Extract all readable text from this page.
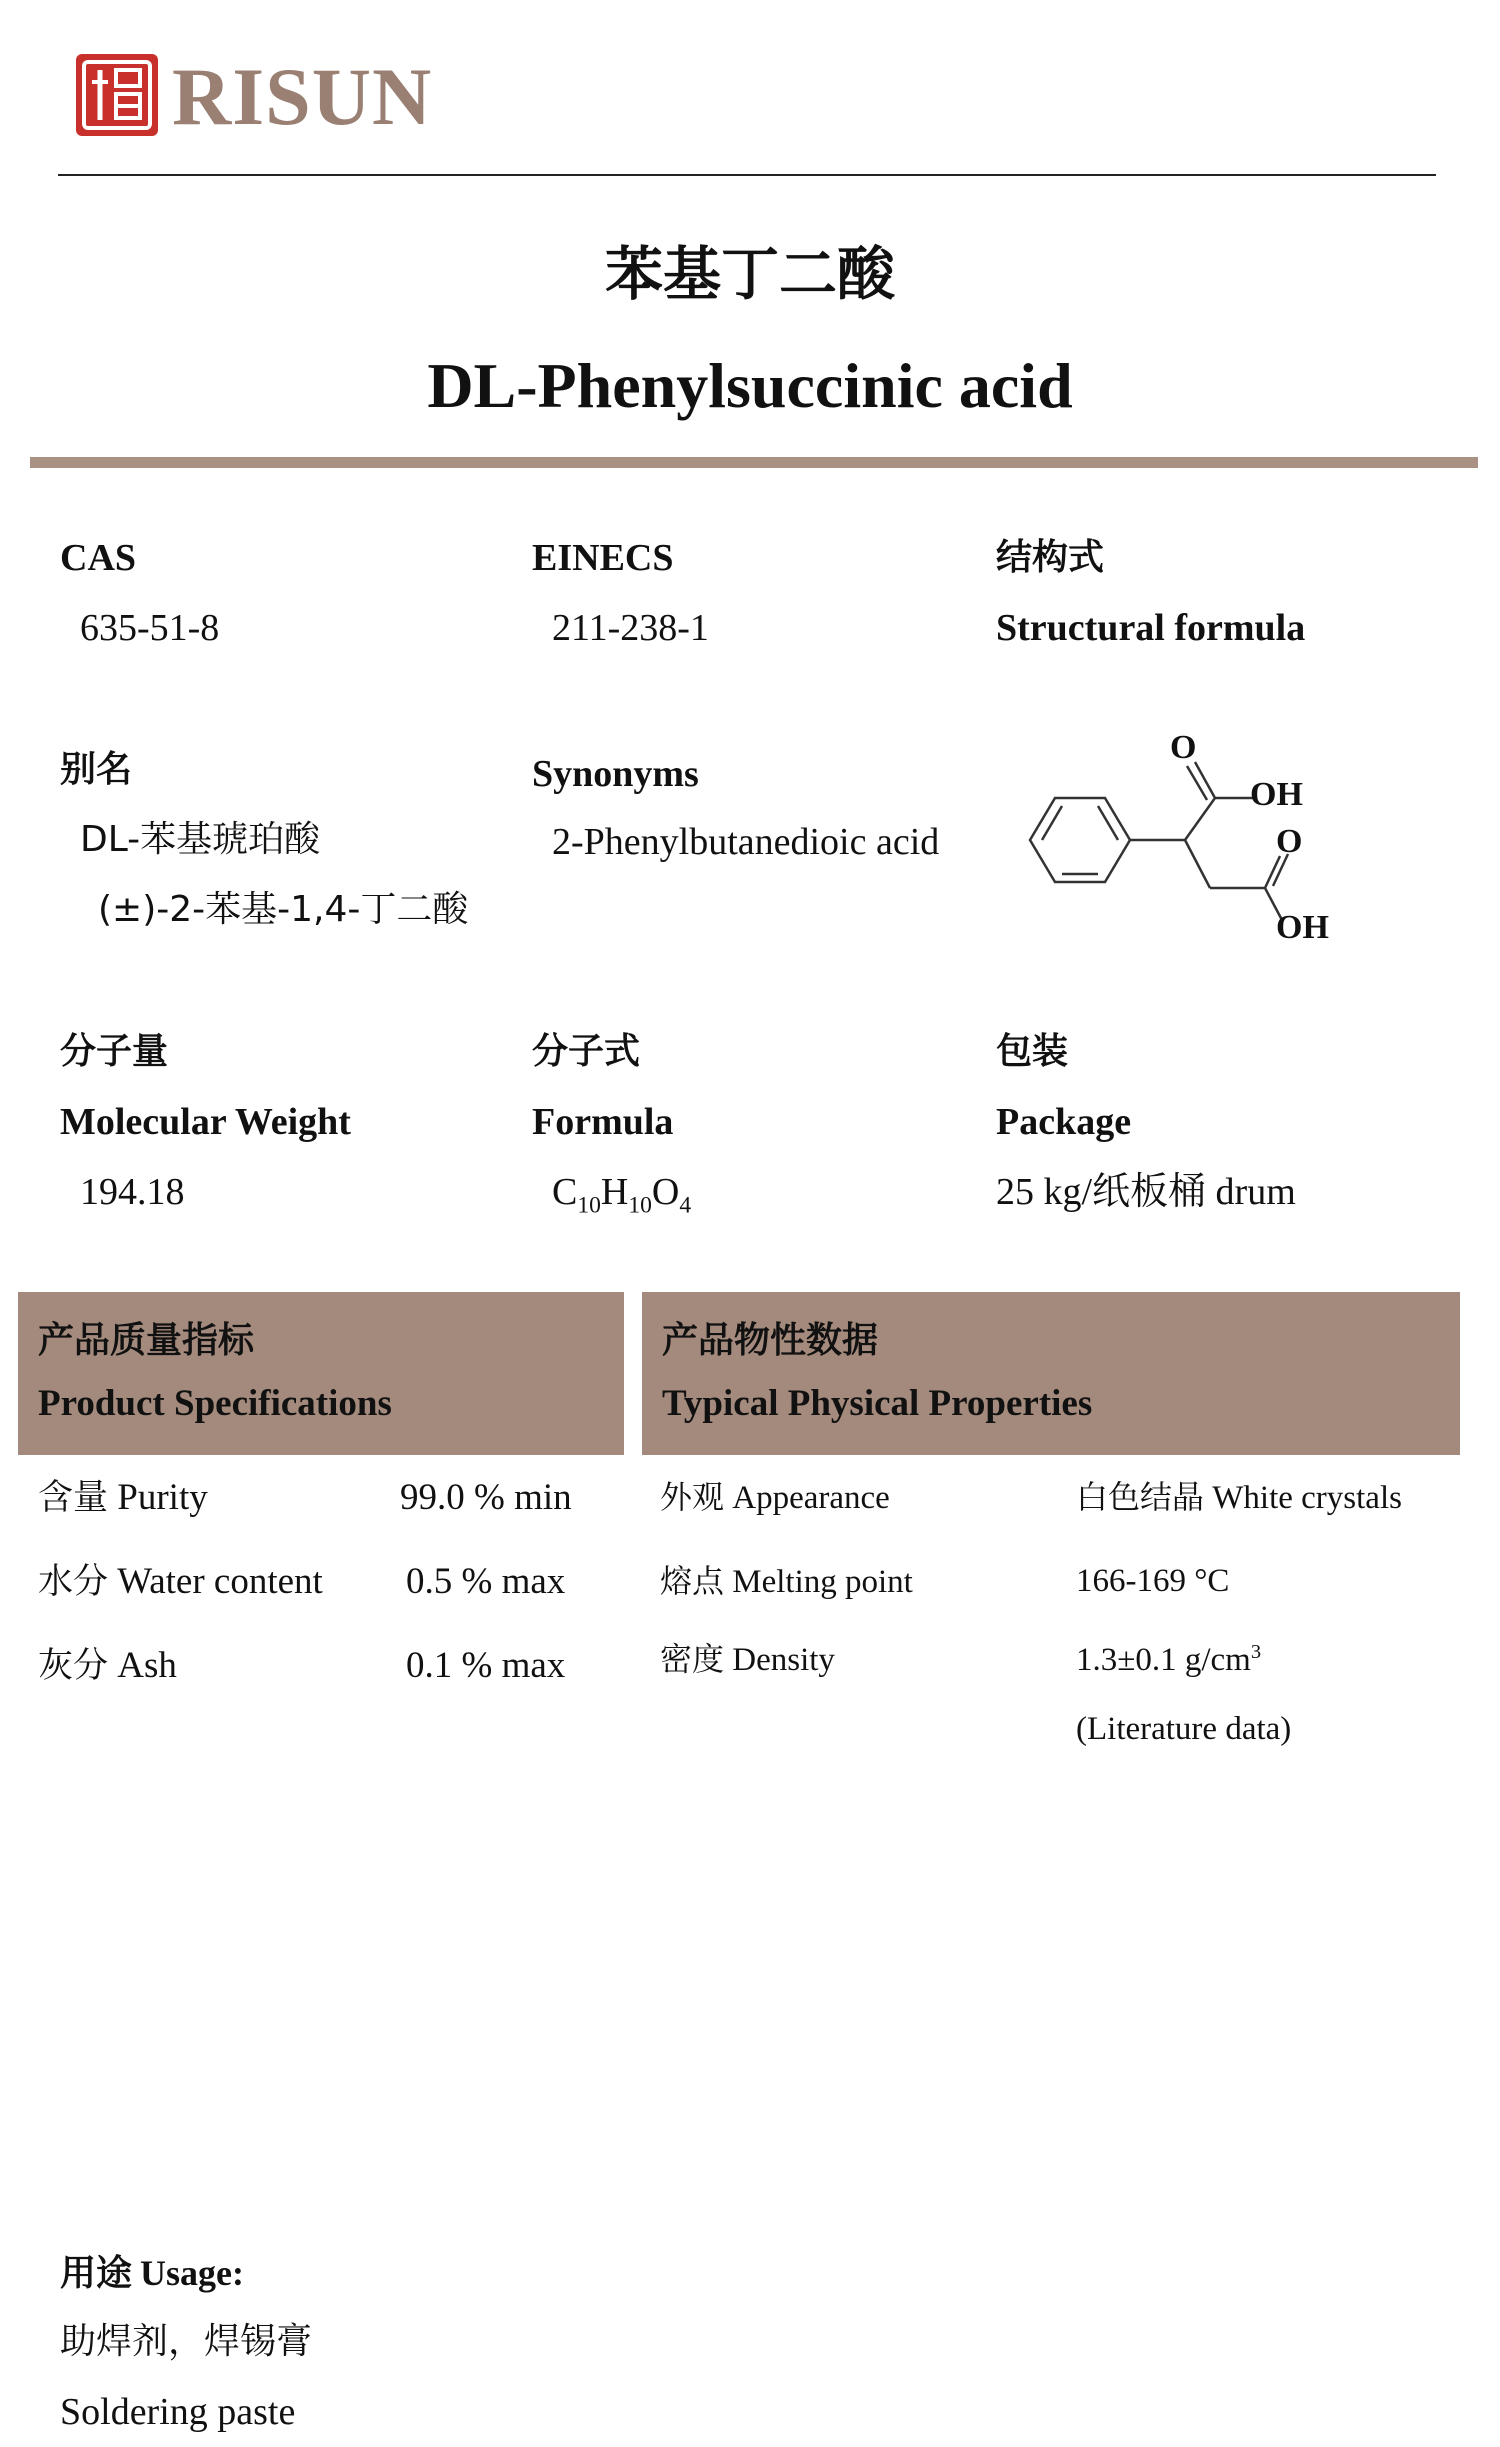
RISUN
苯基丁二酸
DL-Phenylsuccinic acid
CAS
635-51-8
EINECS
211-238-1
结构式
Structural formula
别名
DL-苯基琥珀酸
(±)-2-苯基-1,4-丁二酸
Synonyms
2-Phenylbutanedioic acid
O
OH
O
OH
分子量
Molecular Weight
194.18
分子式
Formula
$C_{10}H_{10}O_4$
包装
Package
25 kg/纸板桶 drum
产品质量指标
Product Specifications
产品物性数据
Typical Physical Properties
含量 Purity	99.0 % min
水分 Water content 0.5 % max
灰分 Ash	0.1 % max
外观 Appearance	白色结晶 White crystals
熔点 Melting point	166-169 °C
密度 Density	1.3±0.1 $g/cm^3$
(Literature data)
用途 Usage:
助焊剂，焊锡膏
Soldering paste
